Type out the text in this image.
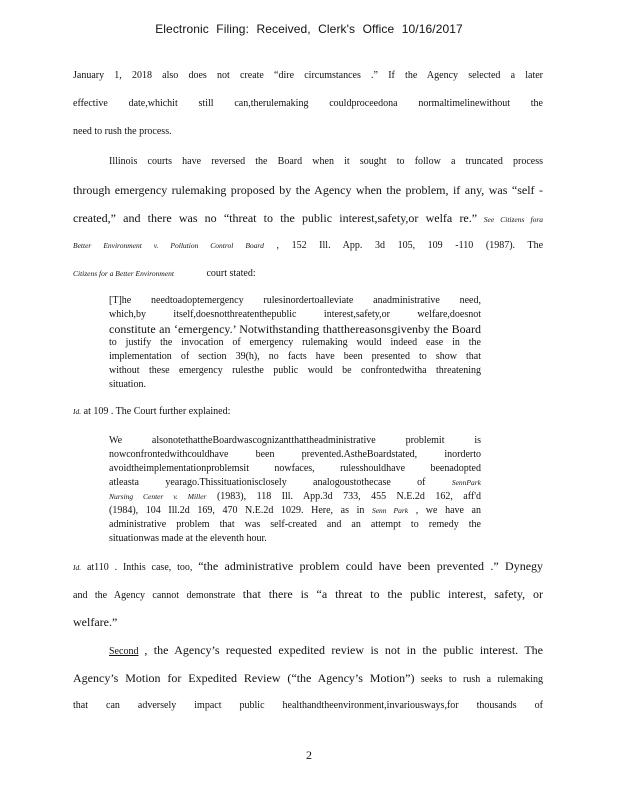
Electronic Filing: Received, Clerk's Office 10/16/2017
January 1, 2018 also does not create “dire circumstances .” If the Agency selected a later
effective date,whichit still can,therulemaking couldproceedona normaltimelinewithout the
need to rush the process.
Illinois courts have reversed the Board when it sought to follow a truncated process
through emergency rulemaking proposed by the Agency when the problem, if any, was “self -
created,” and there was no “threat to the public interest,safety,or welfa re.” See Citizens fora
Better Environment v. Pollution Control Board , 152 Ill. App. 3d 105, 109 -110 (1987). The
Citizens for a Better Environment	court stated:
[T]he needtoadoptemergency rulesinordertoalleviate anadministrative need,
which,by itself,doesnotthreatenthepublic interest,safety,or welfare,doesnot
constitute an ‘emergency.’ Notwithstanding thatthereasonsgivenby the Board
to justify the invocation of emergency rulemaking would indeed ease in the
implementation of section 39(h), no facts have been presented to show that
without these emergency rulesthe public would be confrontedwitha threatening
situation.
Id. at 109 . The Court further explained:
We alsonotethattheBoardwascognizantthattheadministrative problemit is
nowconfrontedwithcouldhave been prevented.AstheBoardstated, inorderto
avoidtheimplementationproblemsit nowfaces, rulesshouldhave beenadopted
atleasta yearago.Thissituationisclosely analogoustothecase of	SennPark
Nursing Center v. Miller (1983), 118 Ill. App.3d 733, 455 N.E.2d 162, aff'd
(1984), 104 Ill.2d 169, 470 N.E.2d 1029. Here, as in Senn Park , we have an
administrative problem that was self-created and an attempt to remedy the
situationwas made at the eleventh hour.
Id. at110 . Inthis case, too, “the administrative problem could have been prevented .” Dynegy
and the Agency cannot demonstrate that there is “a threat to the public interest, safety, or
welfare.”
Second , the Agency’s requested expedited review is not in the public interest. The
Agency’s Motion for Expedited Review (“the Agency’s Motion”) seeks to rush a rulemaking
that can adversely impact public healthandtheenvironment,invariousways,for thousands of
2
